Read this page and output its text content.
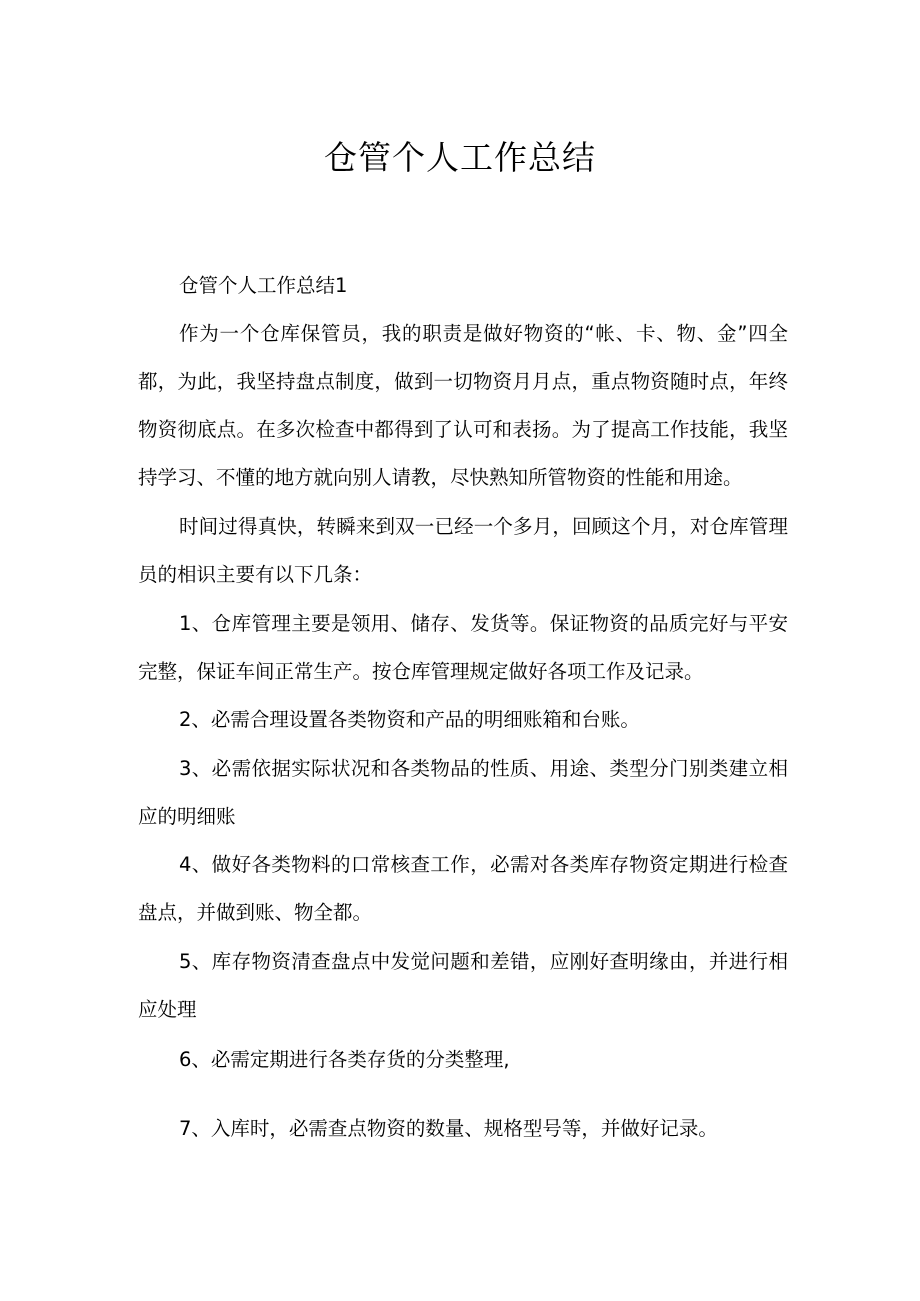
仓管个人工作总结

仓管个人工作总结1

作为一个仓库保管员，我的职责是做好物资的“帐、卡、物、金”四全都，为此，我坚持盘点制度，做到一切物资月月点，重点物资随时点，年终物资彻底点。在多次检查中都得到了认可和表扬。为了提高工作技能，我坚持学习、不懂的地方就向别人请教，尽快熟知所管物资的性能和用途。

时间过得真快，转瞬来到双一已经一个多月，回顾这个月，对仓库管理员的相识主要有以下几条：

1、仓库管理主要是领用、储存、发货等。保证物资的品质完好与平安完整，保证车间正常生产。按仓库管理规定做好各项工作及记录。

2、必需合理设置各类物资和产品的明细账箱和台账。

3、必需依据实际状况和各类物品的性质、用途、类型分门别类建立相应的明细账

4、做好各类物料的口常核查工作，必需对各类库存物资定期进行检查盘点，并做到账、物全都。

5、库存物资清查盘点中发觉问题和差错，应刚好查明缘由，并进行相应处理

6、必需定期进行各类存货的分类整理,

7、入库时，必需查点物资的数量、规格型号等，并做好记录。
